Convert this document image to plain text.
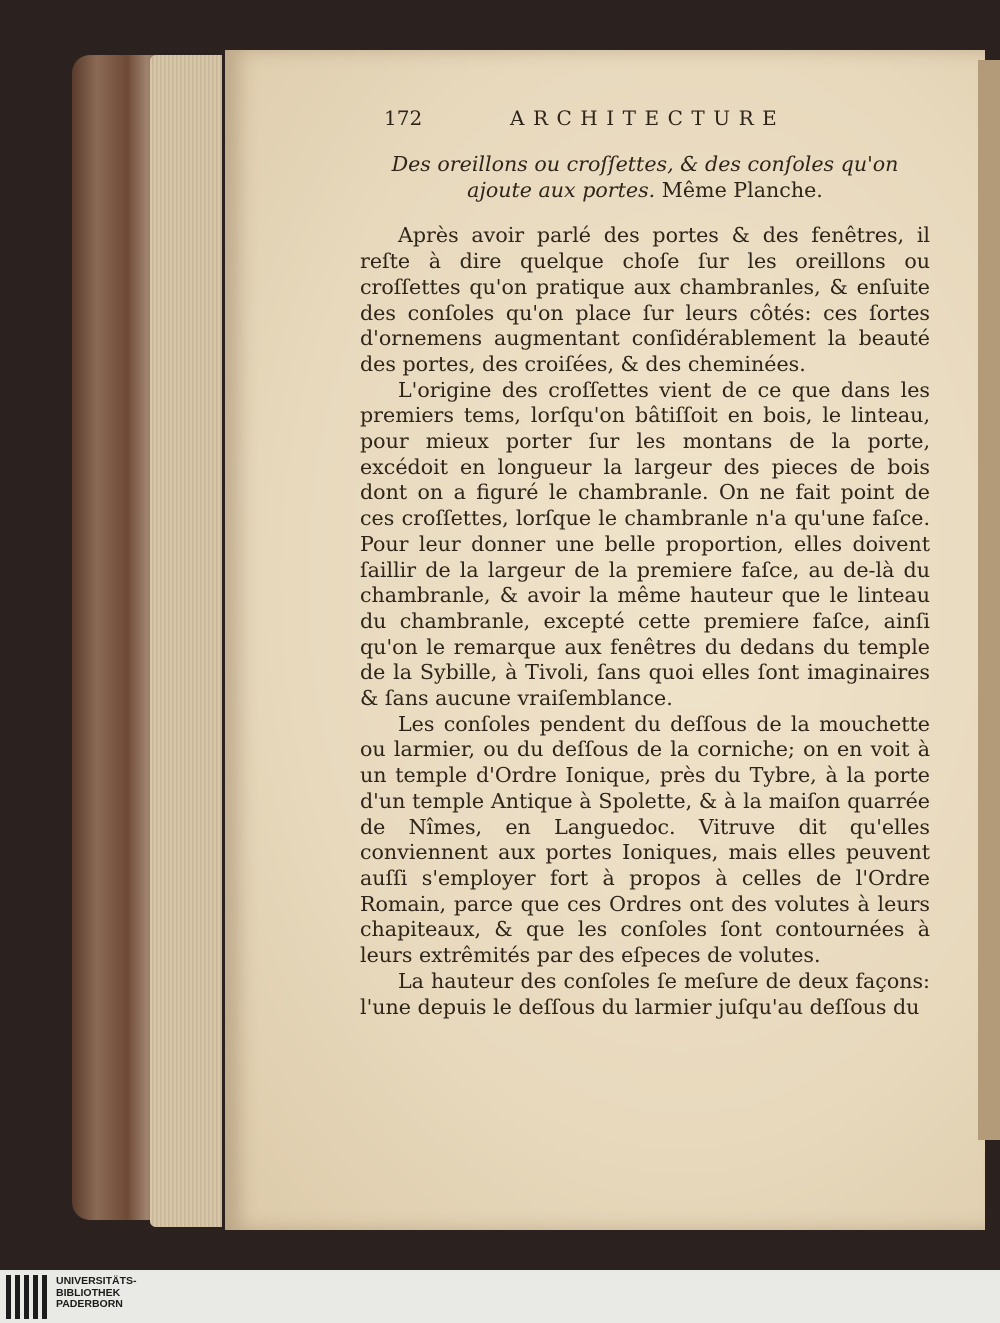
172	ARCHITECTURE
Des oreillons ou croſſettes, & des conſoles qu'on ajoute aux portes. Même Planche.

Après avoir parlé des portes & des fenêtres, il reſte à dire quelque choſe ſur les oreillons ou croſſettes qu'on pratique aux chambranles, & enſuite des conſoles qu'on place ſur leurs côtés: ces ſortes d'ornemens augmentant conſidérablement la beauté des portes, des croiſées, & des cheminées.

L'origine des croſſettes vient de ce que dans les premiers tems, lorſqu'on bâtiſſoit en bois, le linteau, pour mieux porter ſur les montans de la porte, excédoit en longueur la largeur des pieces de bois dont on a figuré le chambranle. On ne fait point de ces croſſettes, lorſque le chambranle n'a qu'une faſce. Pour leur donner une belle proportion, elles doivent ſaillir de la largeur de la premiere faſce, au de-là du chambranle, & avoir la même hauteur que le linteau du chambranle, excepté cette premiere faſce, ainſi qu'on le remarque aux fenêtres du dedans du temple de la Sybille, à Tivoli, ſans quoi elles ſont imaginaires & ſans aucune vraiſemblance.

Les conſoles pendent du deſſous de la mouchette ou larmier, ou du deſſous de la corniche; on en voit à un temple d'Ordre Ionique, près du Tybre, à la porte d'un temple Antique à Spolette, & à la maiſon quarrée de Nîmes, en Languedoc. Vitruve dit qu'elles conviennent aux portes Ioniques, mais elles peuvent auſſi s'employer fort à propos à celles de l'Ordre Romain, parce que ces Ordres ont des volutes à leurs chapiteaux, & que les conſoles ſont contournées à leurs extrêmités par des eſpeces de volutes.

La hauteur des conſoles ſe meſure de deux façons: l'une depuis le deſſous du larmier juſqu'au deſſous du

UNIVERSITÄTS-
BIBLIOTHEK
PADERBORN
